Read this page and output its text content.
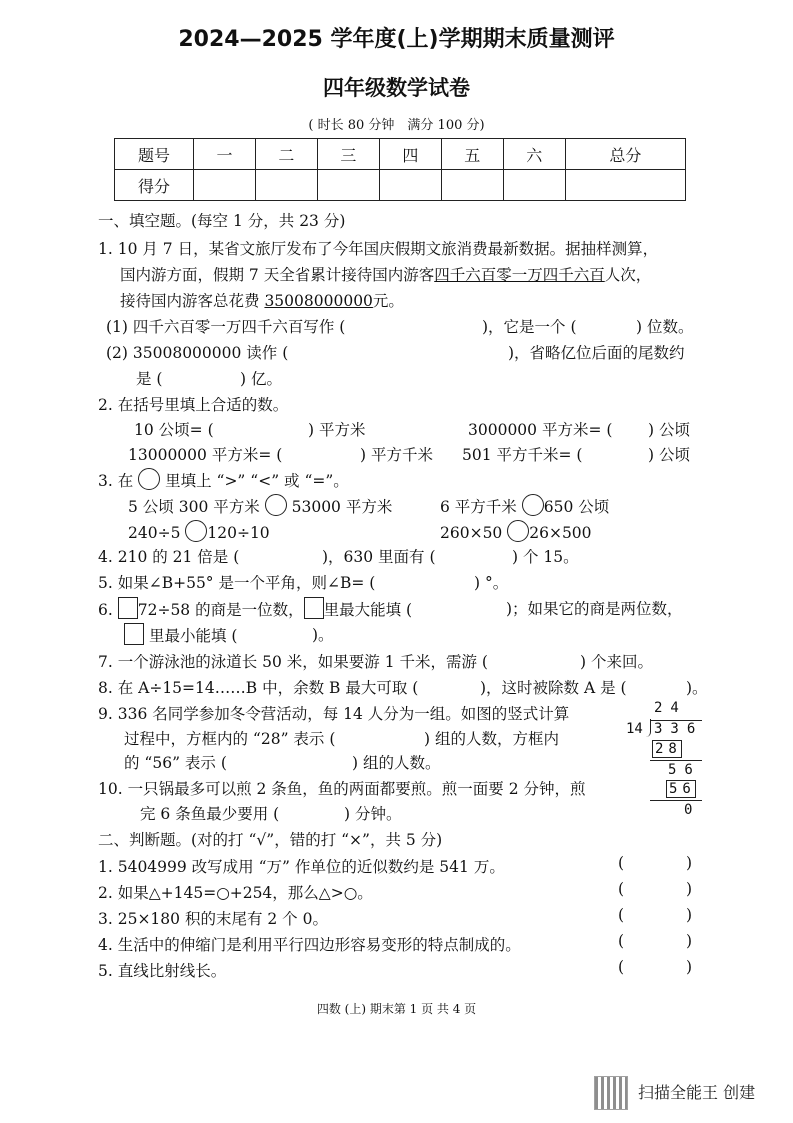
2024—2025 学年度(上)学期期末质量测评
四年级数学试卷
( 时长 80 分钟　满分 100 分)
题号	一	二	三	四	五	六	总分
得分							
一、填空题。(每空 1 分，共 23 分)
1. 10 月 7 日，某省文旅厅发布了今年国庆假期文旅消费最新数据。据抽样测算，
国内游方面，假期 7 天全省累计接待国内游客四千六百零一万四千六百人次，
接待国内游客总花费 35008000000元。
(1) 四千六百零一万四千六百写作 (	)，它是一个 (	) 位数。
(2) 35008000000 读作 (	)，省略亿位后面的尾数约
是 (	) 亿。
2. 在括号里填上合适的数。
10 公顷= (	) 平方米	3000000 平方米= ( ) 公顷
13000000 平方米= (	) 平方千米 501 平方千米= (	) 公顷
3. 在 里填上 “>” “<” 或 “=”。
5 公顷 300 平方米 53000 平方米	6 平方千米 650 公顷
240÷5 120÷10	260×50 26×500
4. 210 的 21 倍是 (	)，630 里面有 (	) 个 15。
5. 如果∠B+55° 是一个平角，则∠B= (	) °。
6. 72÷58 的商是一位数， 里最大能填 (	)；如果它的商是两位数，
里最小能填 (	)。
7. 一个游泳池的泳道长 50 米，如果要游 1 千米，需游 (	) 个来回。
8. 在 A÷15=14……B 中，余数 B 最大可取 (	)，这时被除数 A 是 (	)。
9. 336 名同学参加冬令营活动，每 14 人分为一组。如图的竖式计算
过程中，方框内的 “28” 表示 (	) 组的人数，方框内
的 “56” 表示 (	) 组的人数。
10. 一只锅最多可以煎 2 条鱼，鱼的两面都要煎。煎一面要 2 分钟，煎
完 6 条鱼最少要用 (	) 分钟。
24
14 336
28
56
56
0
二、判断题。(对的打 “√”，错的打 “×”，共 5 分)
1. 5404999 改写成用 “万” 作单位的近似数约是 541 万。
2. 如果△+145=○+254，那么△>○。
3. 25×180 积的末尾有 2 个 0。
4. 生活中的伸缩门是利用平行四边形容易变形的特点制成的。
5. 直线比射线长。
(　　　　)
(　　　　)
(　　　　)
(　　　　)
(　　　　)
四数 (上) 期末第 1 页 共 4 页
扫描全能王 创建
